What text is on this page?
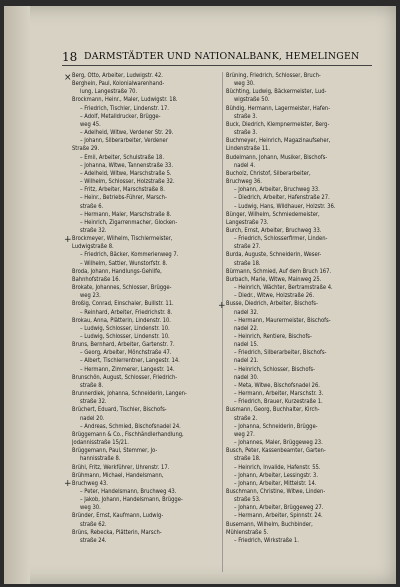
18 DARMSTÄDTER UND NATIONALBANK, HEMELINGEN
Berg, Otto, Arbeiter, Ludwigstr. 42.
Berghein, Paul, Kolonialwarenhand-
lung, Langestraße 70.
Brockmann, Heinr., Maler, Ludwigstr. 18.
– Friedrich, Tischler, Lindenstr. 17.
– Adolf, Metalldrucker, Brügge-
weg 45.
– Adelheid, Witwe, Verdener Str. 29.
– Johann, Silberarbeiter, Verdener
Straße 29.
– Emil, Arbeiter, Schulstraße 18.
– Johanna, Witwe, Tannenstraße 33.
– Adelheid, Witwe, Marschstraße 5.
– Wilhelm, Schlosser, Holzstraße 32.
– Fritz, Arbeiter, Marschstraße 8.
– Heinr., Betriebs-Führer, Marsch-
straße 6.
– Hermann, Maler, Marschstraße 8.
– Heinrich, Zigarrenmacher, Glocken-
straße 32.
Brockmeyer, Wilhelm, Tischlermeister,
Ludwigstraße 8.
– Friedrich, Bäcker, Kommerienweg 7.
– Wilhelm, Sattler, Wunstorfstr. 8.
Broda, Johann, Handlungs-Gehilfe,
Bahnhofstraße 16.
Brokate, Johannes, Schlosser, Brügge-
weg 23.
Broßig, Conrad, Einschaler, Buillstr. 11.
– Reinhard, Arbeiter, Friedrichstr. 8.
Brokau, Anna, Plätterin, Lindenstr. 10.
– Ludwig, Schlosser, Lindenstr. 10.
– Ludwig, Schlosser, Lindenstr. 10.
Bruns, Bernhard, Arbeiter, Gartenstr. 7.
– Georg, Arbeiter, Mönchstraße 47.
– Albert, Tischlerrentner, Langestr. 14.
– Hermann, Zimmerer, Langestr. 14.
Brunschön, August, Schlosser, Friedrich-
straße 8.
Brunnerdiek, Johanna, Schneiderin, Langen-
straße 32.
Brüchert, Eduard, Tischler, Bischofs-
nadel 20.
– Andreas, Schmied, Bischofsnadel 24.
Brüggemann & Co., Fischhändlerhandlung,
Jodannisstraße 15/21.
Brüggemann, Paul, Stemmer, Jo-
hannisstraße 8.
Brühl, Fritz, Werkführer, Uhrenstr. 17.
Brühmann, Michael, Handelsmann,
Bruchweg 43.
– Peter, Handelsmann, Bruchweg 43.
– Jakob, Johann, Handelsmann, Brügge-
weg 30.
Bründer, Ernst, Kaufmann, Ludwig-
straße 62.
Brüns, Rebecka, Plätterin, Marsch-
straße 24.
Brüning, Friedrich, Schlosser, Bruch-
weg 30.
Büchting, Ludwig, Bäckermeister, Lud-
wigstraße 50.
Bühdig, Hermann, Lagermeister, Hafen-
straße 3.
Buck, Diedrich, Klempnermeister, Berg-
straße 3.
Buchmeyer, Heinrich, Magazinaufseher,
Lindenstraße 11.
Budelmann, Johann, Musiker, Bischofs-
nadel 4.
Bucholz, Christof, Silberarbeiter,
Bruchweg 36.
– Johann, Arbeiter, Bruchweg 33.
– Diedrich, Arbeiter, Hafenstraße 27.
– Ludwig, Hans, Wildhauer, Holzstr. 36.
Bünger, Wilhelm, Schmiedemeister,
Langestraße 73.
Burch, Ernst, Arbeiter, Bruchweg 33.
– Friedrich, Schlosserfirmer, Linden-
straße 27.
Burda, Auguste, Schneiderin, Weser-
straße 18.
Bürmann, Schmied, Auf dem Bruch 167.
Burbach, Marie, Witwe, Mainweg 25.
– Heinrich, Wächter, Bertramstraße 4.
– Diedr., Witwe, Holzstraße 26.
Busse, Diedrich, Arbeiter, Bischofs-
nadel 32.
– Hermann, Maurermeister, Bischofs-
nadel 22.
– Heinrich, Rentiere, Bischofs-
nadel 15.
– Friedrich, Silberarbeiter, Bischofs-
nadel 21.
– Heinrich, Schlosser, Bischofs-
nadel 30.
– Meta, Witwe, Bischofsnadel 26.
– Hermann, Arbeiter, Marschstr. 3.
– Friedrich, Brauer, Kurzestraße 1.
Busmann, Georg, Buchhalter, Kirch-
straße 2.
– Johanna, Schneiderin, Brügge-
weg 27.
– Johannes, Maler, Brüggeweg 23.
Busch, Peter, Kassenbeamter, Garten-
straße 18.
– Heinrich, Invalide, Hafenstr. 55.
– Johann, Arbeiter, Lessingstr. 3.
– Johann, Arbeiter, Mittelstr. 14.
Buschmann, Christine, Witwe, Linden-
straße 53.
– Johann, Arbeiter, Brüggeweg 27.
– Hermann, Arbeiter, Spinnstr. 24.
Busemann, Wilhelm, Buchbinder,
Mühlenstraße 5.
– Friedrich, Wirkstraße 1.
×
+
+
+
